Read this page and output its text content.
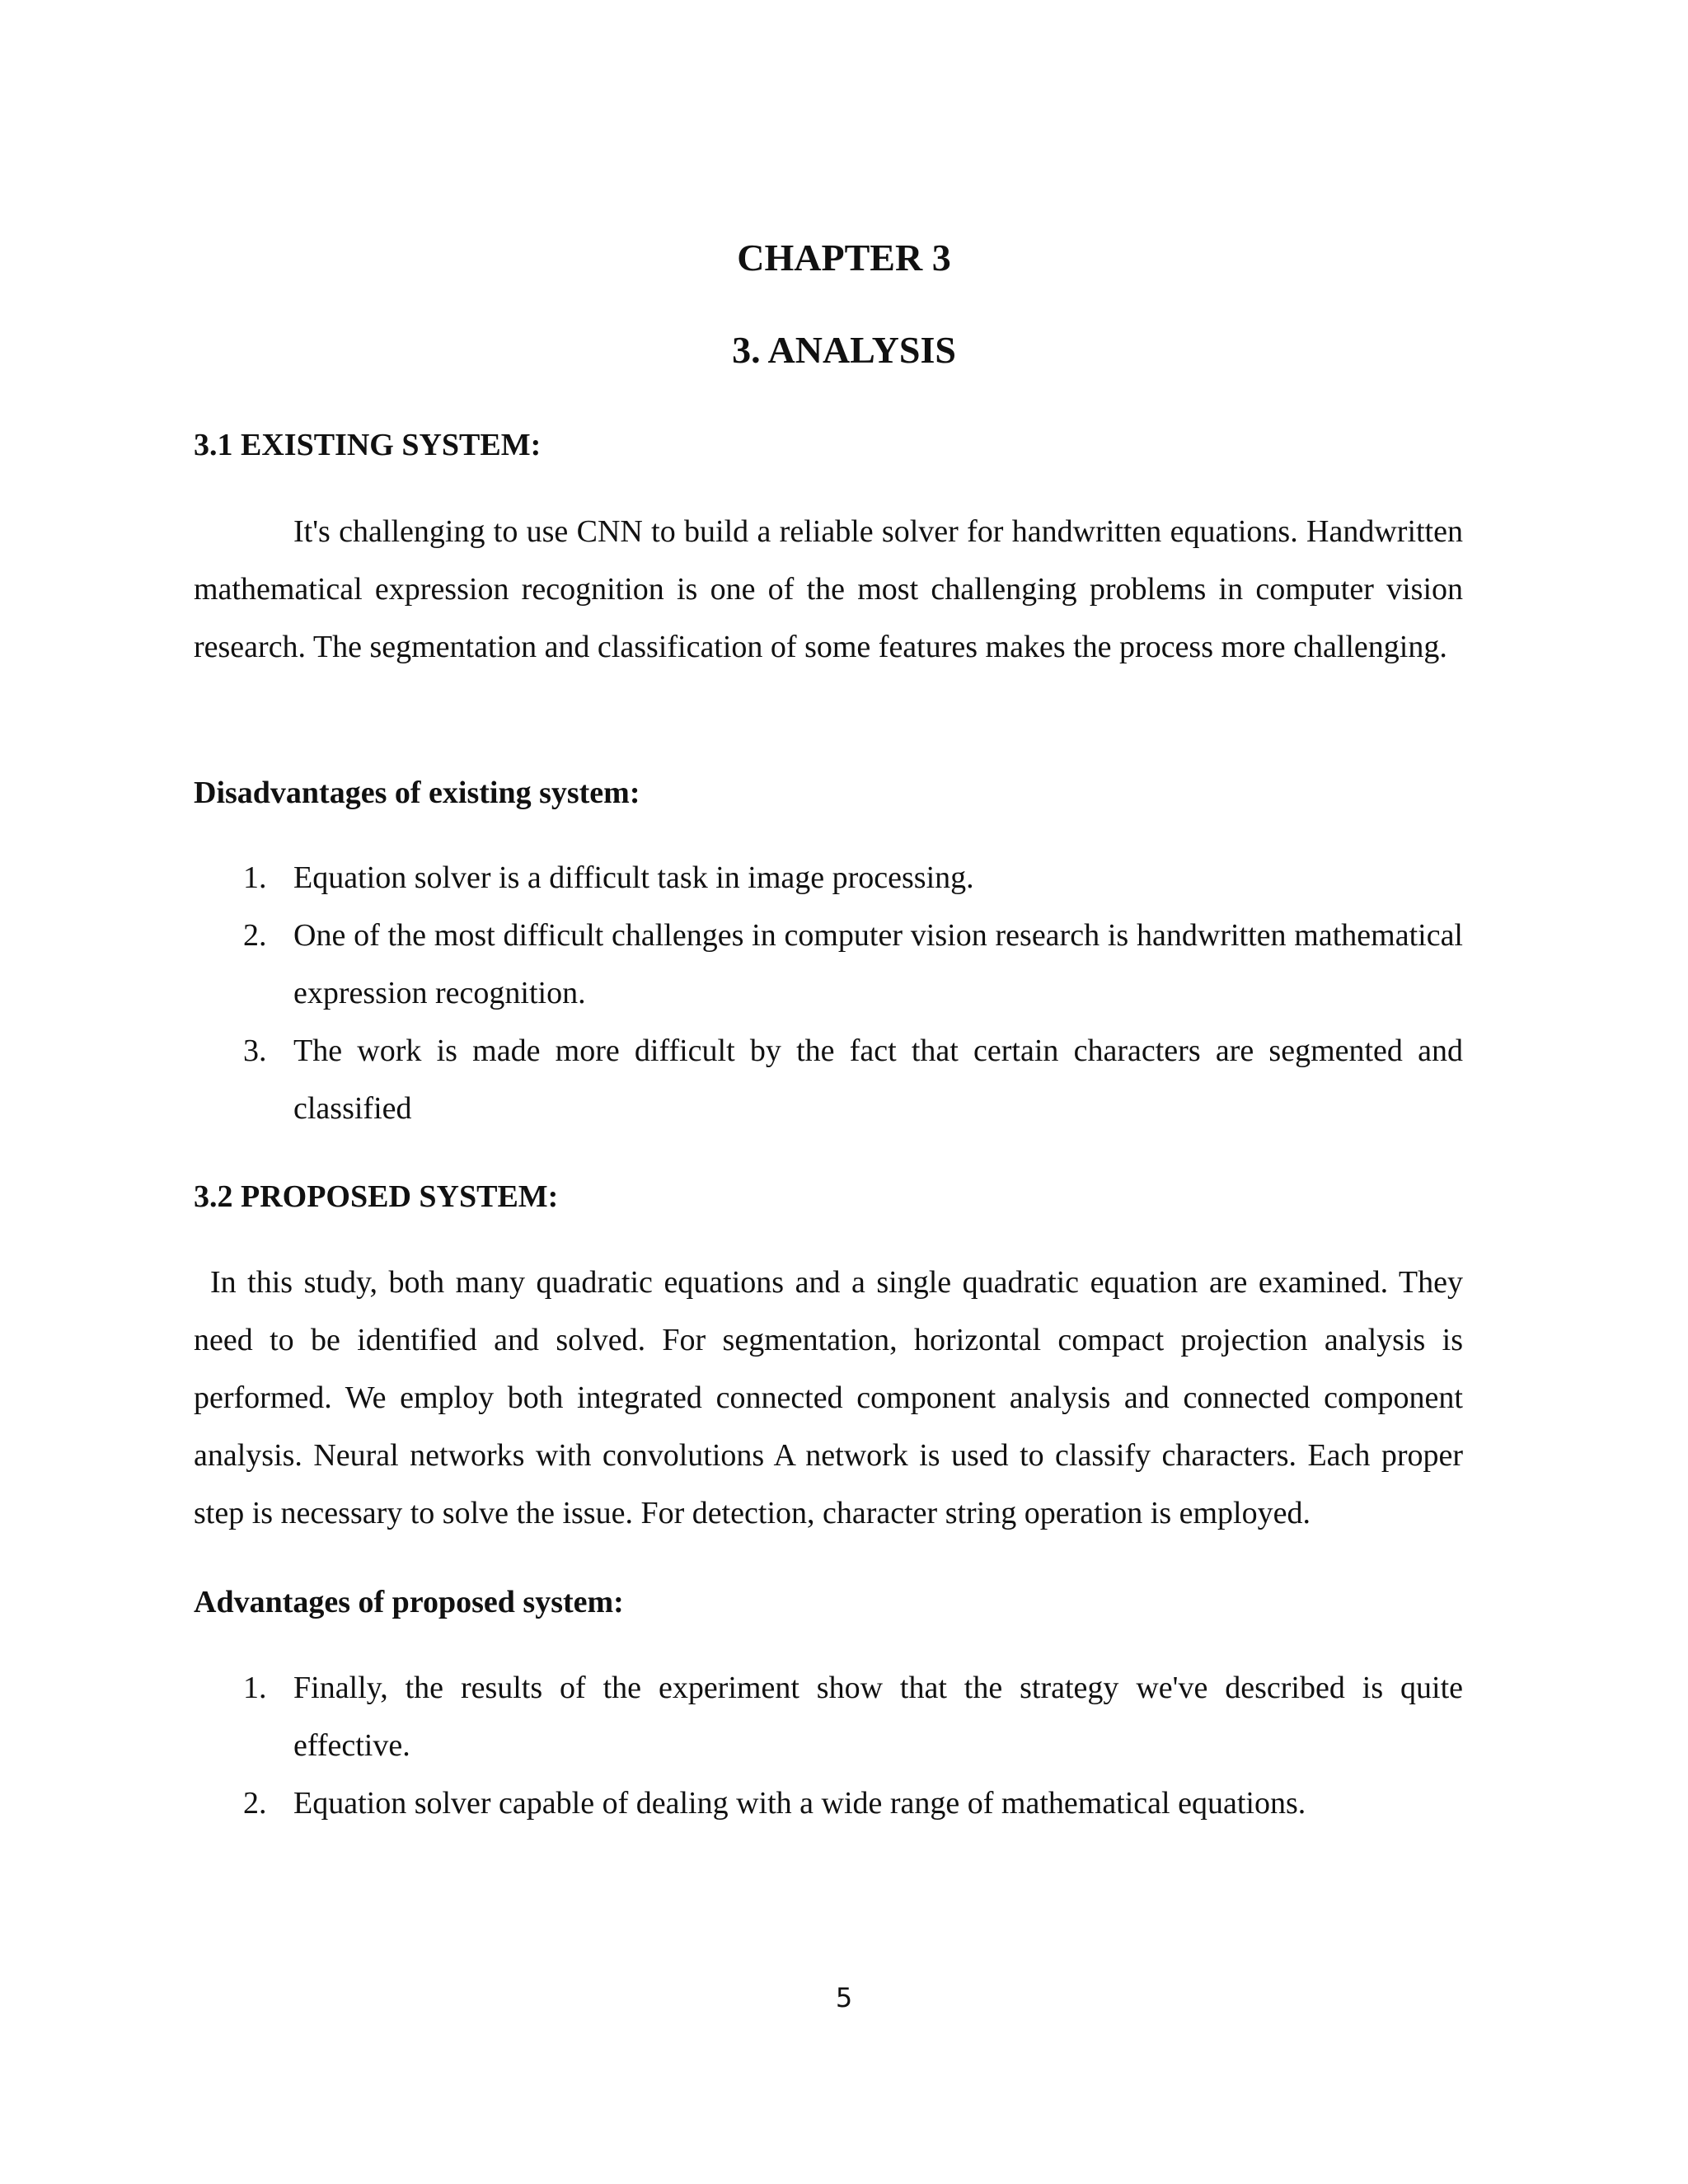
CHAPTER 3
3. ANALYSIS
3.1 EXISTING SYSTEM:

It's challenging to use CNN to build a reliable solver for handwritten equations. Handwritten mathematical expression recognition is one of the most challenging problems in computer vision research. The segmentation and classification of some features makes the process more challenging.

Disadvantages of existing system:
1. Equation solver is a difficult task in image processing.
2. One of the most difficult challenges in computer vision research is handwritten mathematical expression recognition.
3. The work is made more difficult by the fact that certain characters are segmented and classified
3.2 PROPOSED SYSTEM:

In this study, both many quadratic equations and a single quadratic equation are examined. They need to be identified and solved. For segmentation, horizontal compact projection analysis is performed. We employ both integrated connected component analysis and connected component analysis. Neural networks with convolutions A network is used to classify characters. Each proper step is necessary to solve the issue. For detection, character string operation is employed.

Advantages of proposed system:
1. Finally, the results of the experiment show that the strategy we've described is quite effective.
2. Equation solver capable of dealing with a wide range of mathematical equations.
5
